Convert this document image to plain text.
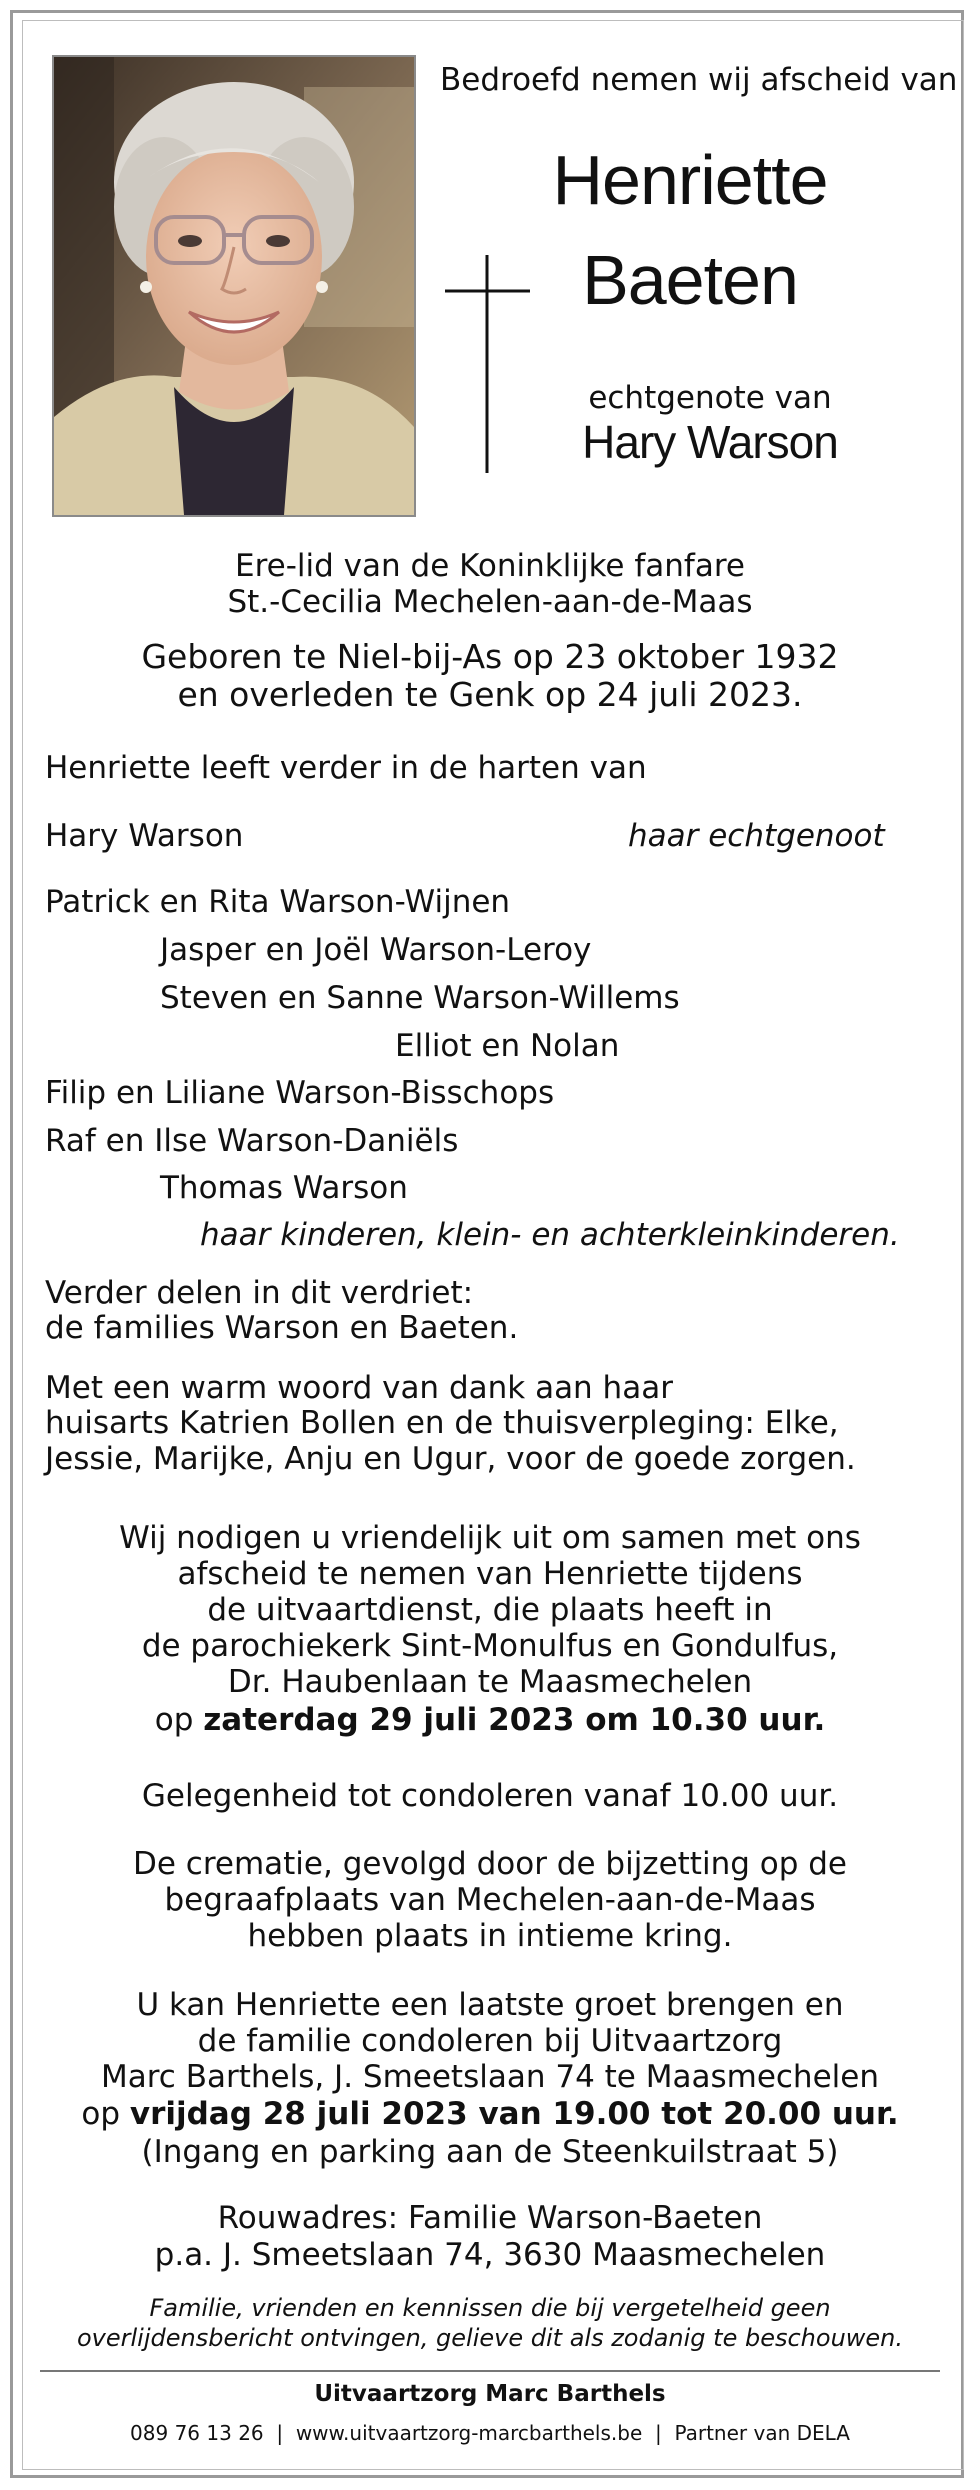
Bedroefd nemen wij afscheid van
Henriette
Baeten
echtgenote van
Hary Warson
Ere-lid van de Koninklijke fanfare
St.-Cecilia Mechelen-aan-de-Maas
Geboren te Niel-bij-As op 23 oktober 1932
en overleden te Genk op 24 juli 2023.
Henriette leeft verder in de harten van
Hary Warson	haar echtgenoot
Patrick en Rita Warson-Wijnen
Jasper en Joël Warson-Leroy
Steven en Sanne Warson-Willems
Elliot en Nolan
Filip en Liliane Warson-Bisschops
Raf en Ilse Warson-Daniëls
Thomas Warson
haar kinderen, klein- en achterkleinkinderen.
Verder delen in dit verdriet:
de families Warson en Baeten.
Met een warm woord van dank aan haar
huisarts Katrien Bollen en de thuisverpleging: Elke,
Jessie, Marijke, Anju en Ugur, voor de goede zorgen.
Wij nodigen u vriendelijk uit om samen met ons
afscheid te nemen van Henriette tijdens
de uitvaartdienst, die plaats heeft in
de parochiekerk Sint-Monulfus en Gondulfus,
Dr. Haubenlaan te Maasmechelen
op zaterdag 29 juli 2023 om 10.30 uur.
Gelegenheid tot condoleren vanaf 10.00 uur.
De crematie, gevolgd door de bijzetting op de
begraafplaats van Mechelen-aan-de-Maas
hebben plaats in intieme kring.
U kan Henriette een laatste groet brengen en
de familie condoleren bij Uitvaartzorg
Marc Barthels, J. Smeetslaan 74 te Maasmechelen
op vrijdag 28 juli 2023 van 19.00 tot 20.00 uur.
(Ingang en parking aan de Steenkuilstraat 5)
Rouwadres: Familie Warson-Baeten
p.a. J. Smeetslaan 74, 3630 Maasmechelen
Familie, vrienden en kennissen die bij vergetelheid geen
overlijdensbericht ontvingen, gelieve dit als zodanig te beschouwen.
Uitvaartzorg Marc Barthels
089 76 13 26  |  www.uitvaartzorg-marcbarthels.be  |  Partner van DELA
